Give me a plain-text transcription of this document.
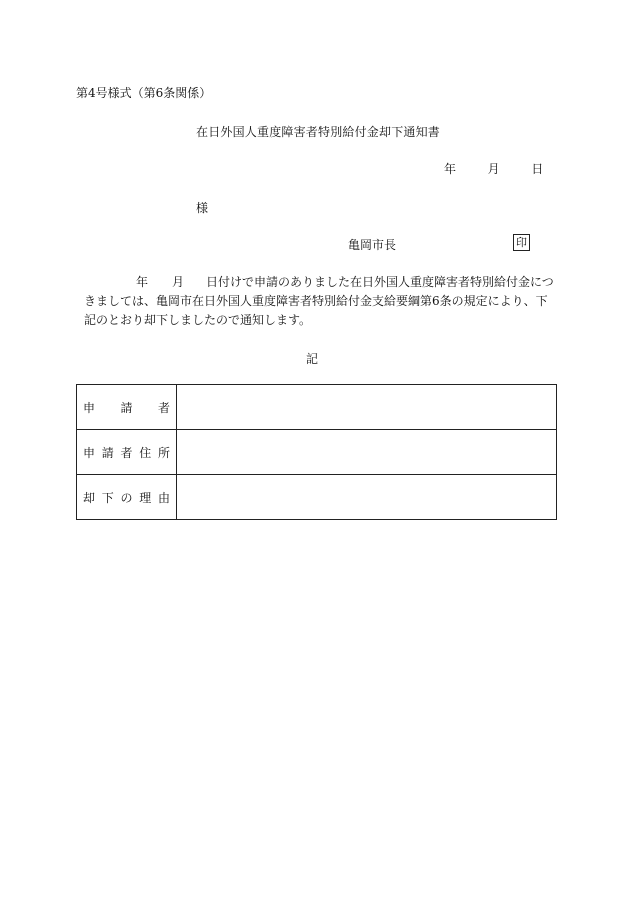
第4号様式（第6条関係）
在日外国人重度障害者特別給付金却下通知書
年	月	日
様
亀岡市長	印
年 月 日付けで申請のありました在日外国人重度障害者特別給付金につきましては、亀岡市在日外国人重度障害者特別給付金支給要綱第6条の規定により、下記のとおり却下しましたので通知します。
記
申請者	

申請者住所	

却下の理由	
